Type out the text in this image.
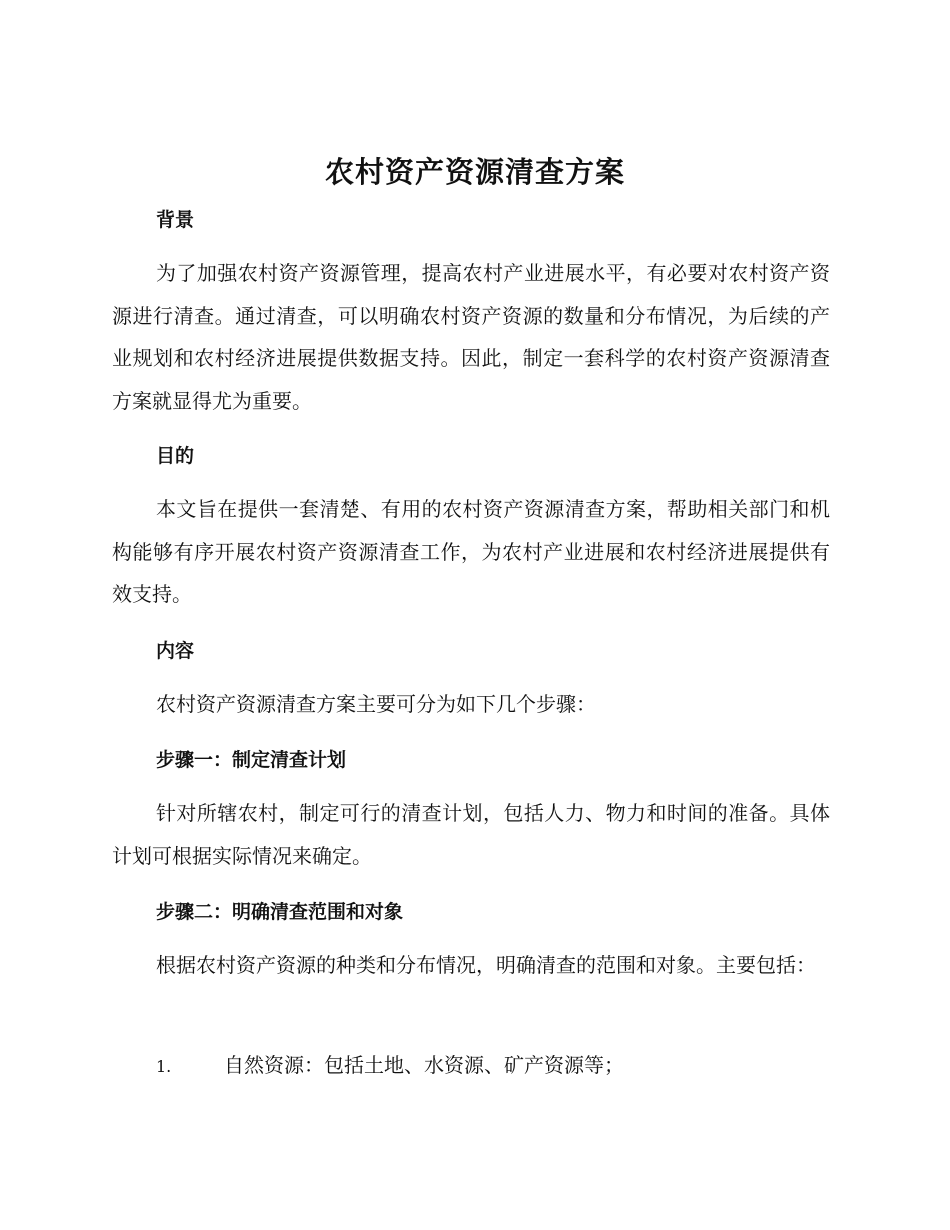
农村资产资源清查方案
背景
为了加强农村资产资源管理，提高农村产业进展水平，有必要对农村资产资源进行清查。通过清查，可以明确农村资产资源的数量和分布情况，为后续的产业规划和农村经济进展提供数据支持。因此，制定一套科学的农村资产资源清查方案就显得尤为重要。
目的
本文旨在提供一套清楚、有用的农村资产资源清查方案，帮助相关部门和机构能够有序开展农村资产资源清查工作，为农村产业进展和农村经济进展提供有效支持。
内容
农村资产资源清查方案主要可分为如下几个步骤：
步骤一：制定清查计划
针对所辖农村，制定可行的清查计划，包括人力、物力和时间的准备。具体计划可根据实际情况来确定。
步骤二：明确清查范围和对象
根据农村资产资源的种类和分布情况，明确清查的范围和对象。主要包括：
1.	自然资源：包括土地、水资源、矿产资源等；
